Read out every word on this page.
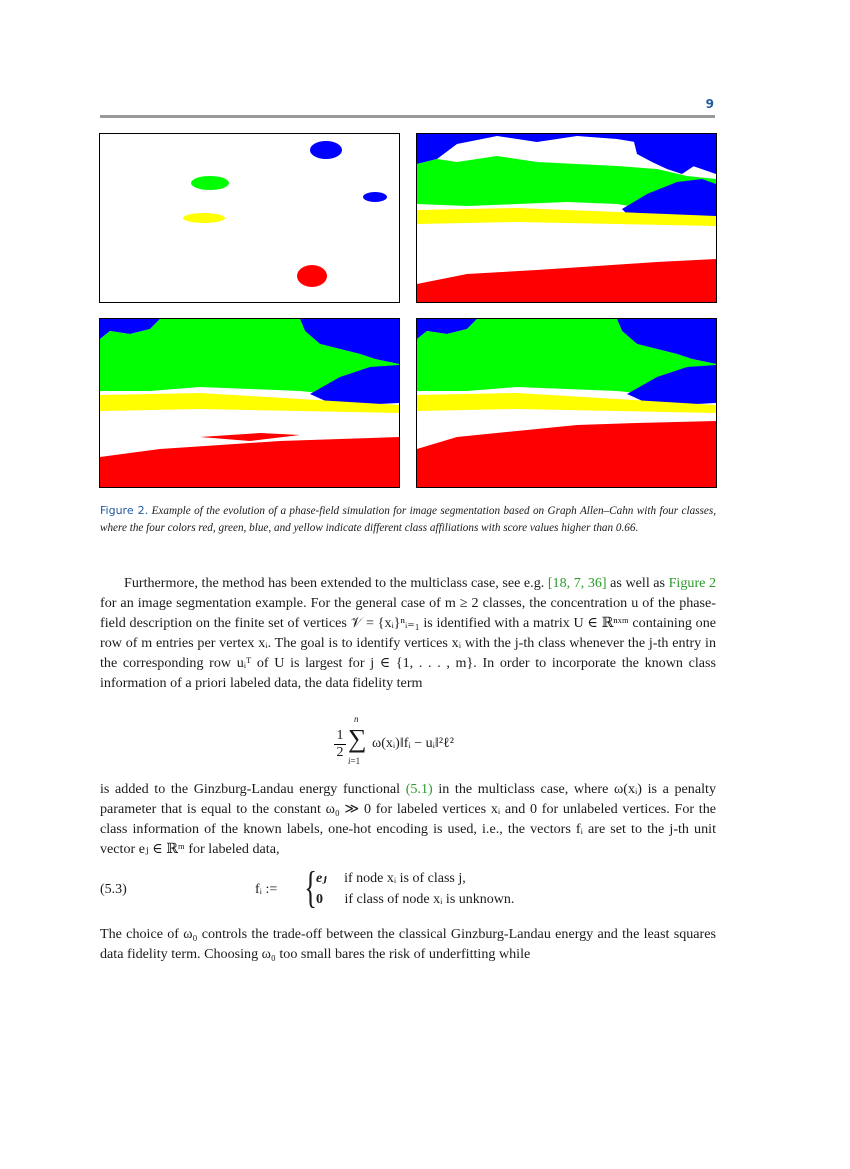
9
Figure 2. Example of the evolution of a phase-field simulation for image segmentation based on Graph Allen–Cahn with four classes, where the four colors red, green, blue, and yellow indicate different class affiliations with score values higher than 0.66.

Furthermore, the method has been extended to the multiclass case, see e.g. [18, 7, 36] as well as Figure 2 for an image segmentation example. For the general case of m ≥ 2 classes, the concentration u of the phase-field description on the finite set of vertices 𝒱 = {xᵢ}ⁿᵢ₌₁ is identified with a matrix U ∈ ℝⁿˣᵐ containing one row of m entries per vertex xᵢ. The goal is to identify vertices xᵢ with the j-th class whenever the j-th entry in the corresponding row uᵢᵀ of U is largest for j ∈ {1, . . . , m}. In order to incorporate the known class information of a priori labeled data, the data fidelity term

$\frac{1}{2}$
n
∑
i=1
ω(xᵢ)‖fᵢ − uᵢ‖²ℓ²

is added to the Ginzburg-Landau energy functional (5.1) in the multiclass case, where ω(xᵢ) is a penalty parameter that is equal to the constant ω₀ ≫ 0 for labeled vertices xᵢ and 0 for unlabeled vertices. For the class information of the known labels, one-hot encoding is used, i.e., the vectors fᵢ are set to the j-th unit vector eⱼ ∈ ℝᵐ for labeled data,

(5.3)	fᵢ := { eⱼ if node xᵢ is of class j,
0 if class of node xᵢ is unknown.

The choice of ω₀ controls the trade-off between the classical Ginzburg-Landau energy and the least squares data fidelity term. Choosing ω₀ too small bares the risk of underfitting while
